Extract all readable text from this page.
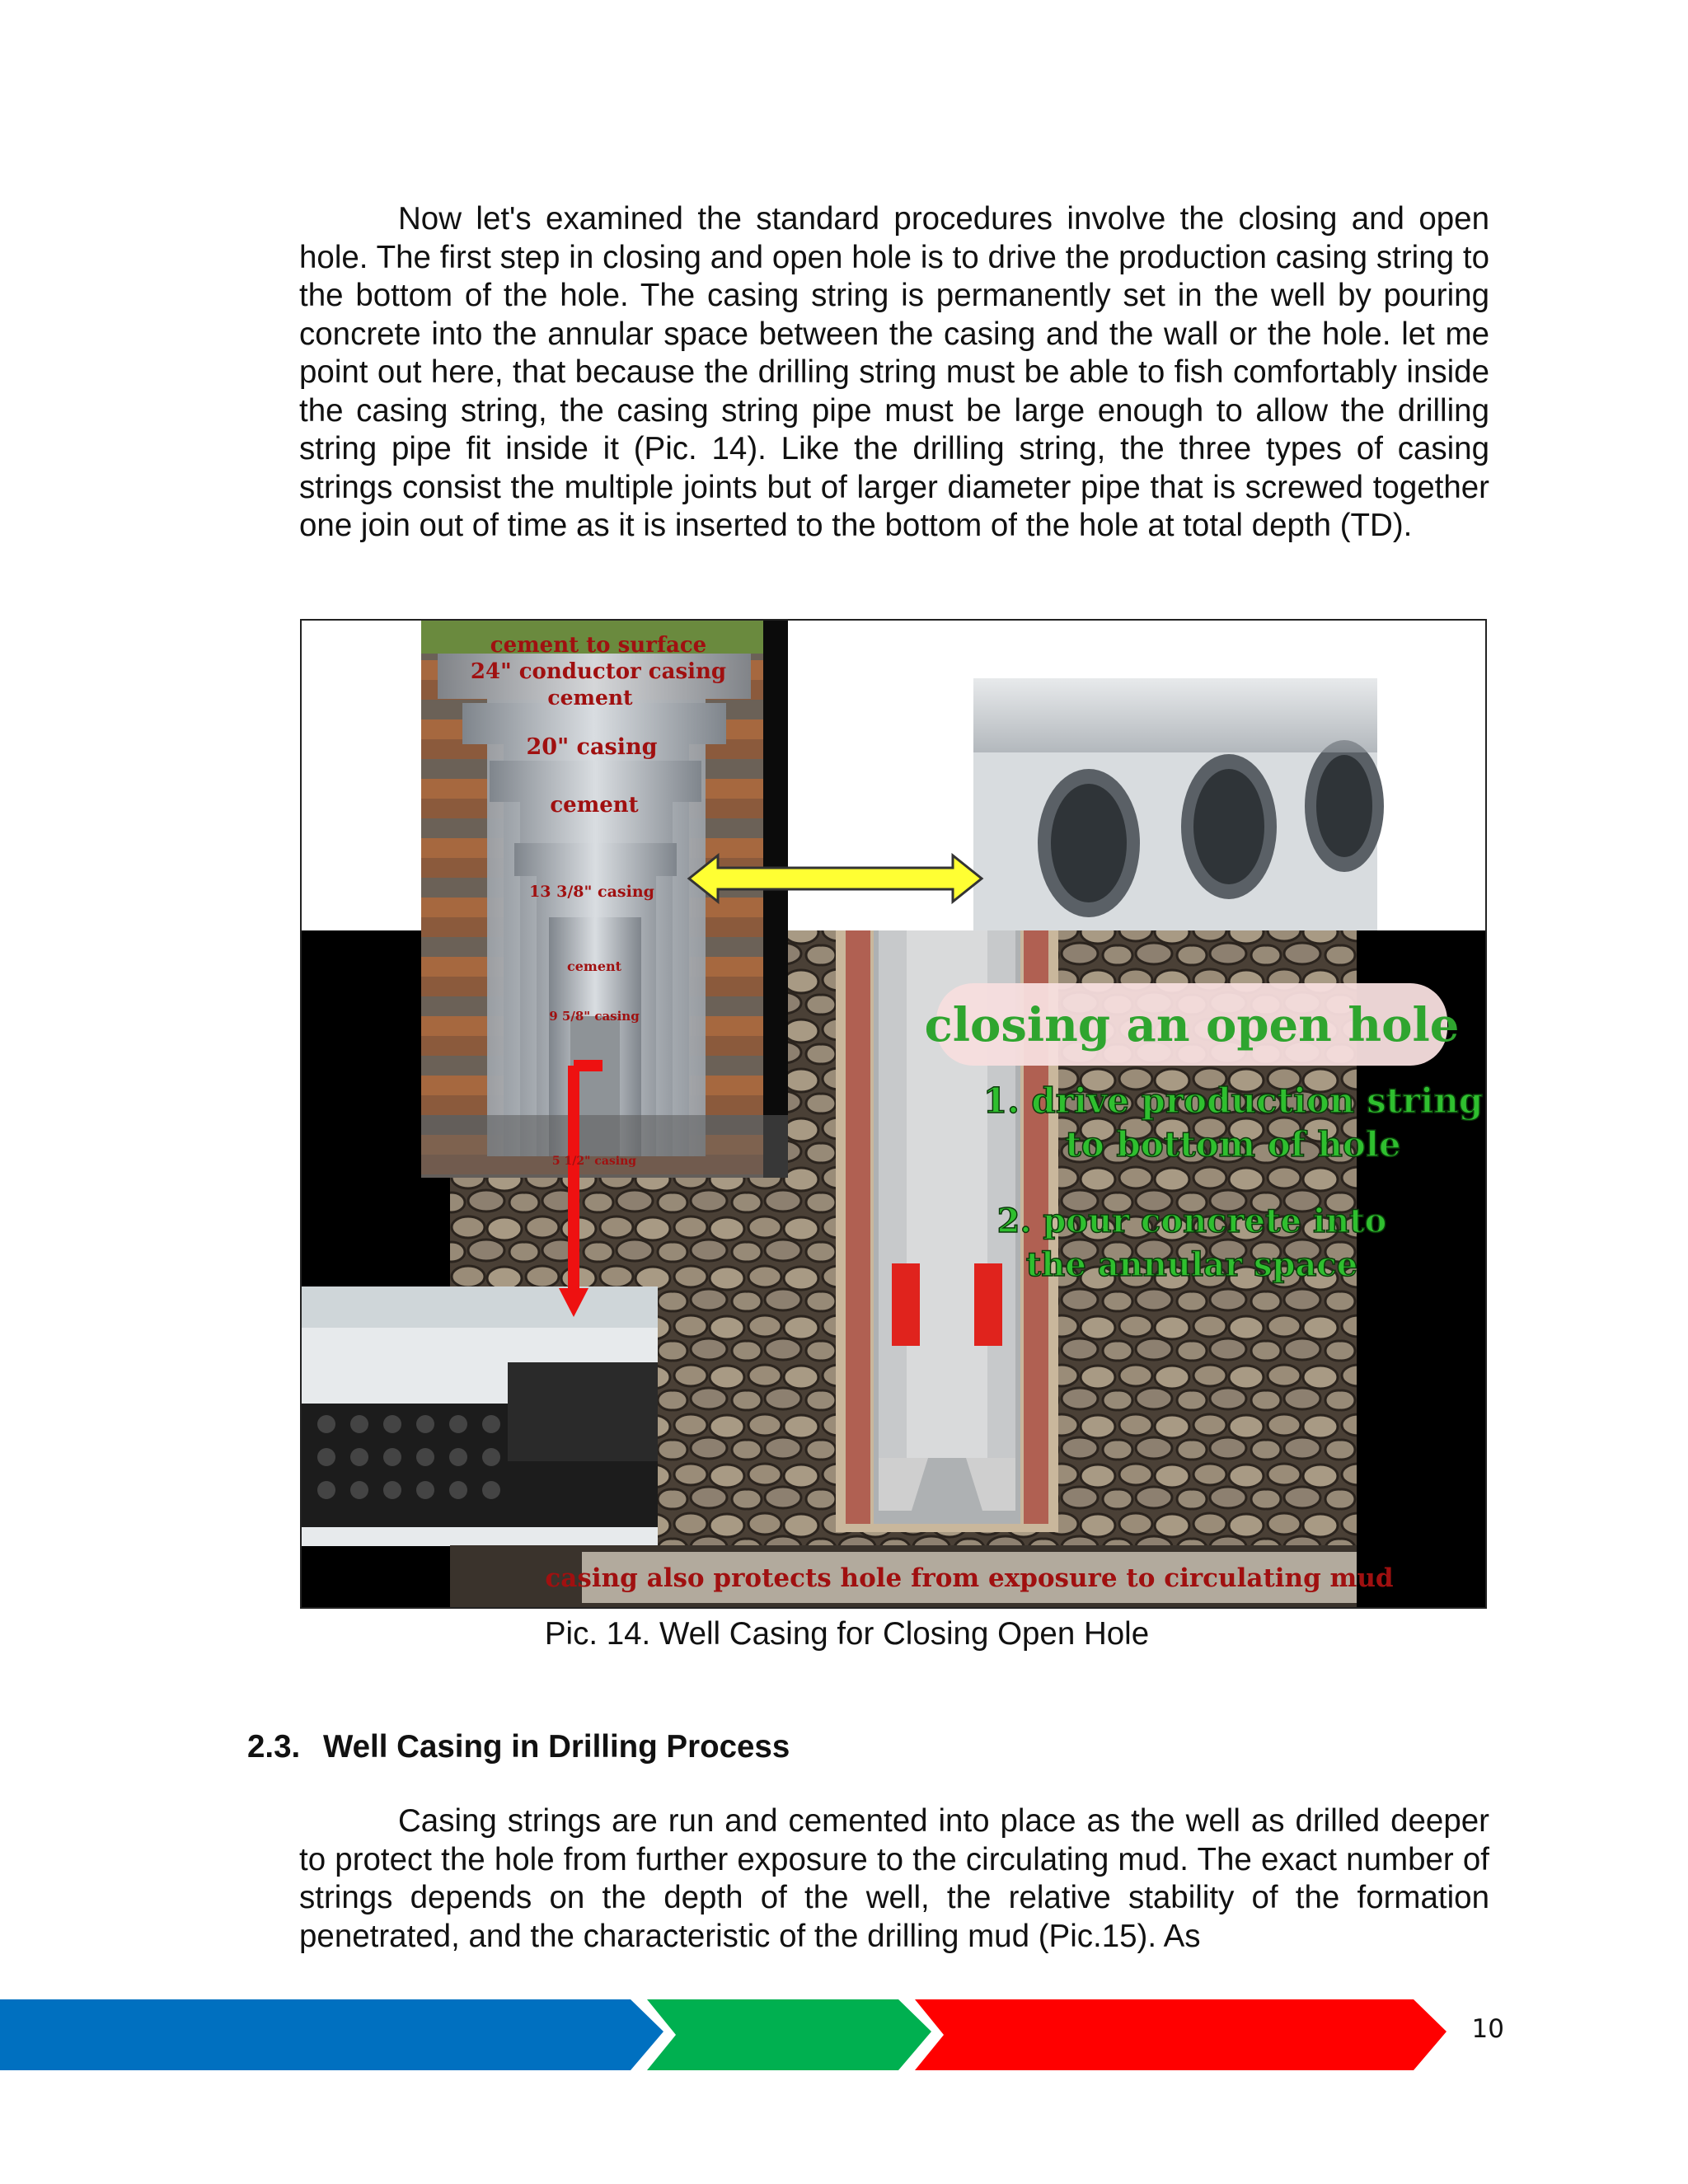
Now let's examined the standard procedures involve the closing and open hole. The first step in closing and open hole is to drive the production casing string to the bottom of the hole. The casing string is permanently set in the well by pouring concrete into the annular space between the casing and the wall or the hole. let me point out here, that because the drilling string must be able to fish comfortably inside the casing string, the casing string pipe must be large enough to allow the drilling string pipe fit inside it (Pic. 14). Like the drilling string, the three types of casing strings consist the multiple joints but of larger diameter pipe that is screwed together one join out of time as it is inserted to the bottom of the hole at total depth (TD).

cement to surface
24" conductor casing
cement
20" casing
cement
13 3/8" casing
cement
9 5/8" casing
5 1/2" casing
closing an open hole
1. drive production string
to bottom of hole
2. pour concrete into
the annular space
casing also protects hole from exposure to circulating mud

Pic. 14. Well Casing for Closing Open Hole

2.3. Well Casing in Drilling Process

Casing strings are run and cemented into place as the well as drilled deeper to protect the hole from further exposure to the circulating mud. The exact number of strings depends on the depth of the well, the relative stability of the formation penetrated, and the characteristic of the drilling mud (Pic.15). As

10
